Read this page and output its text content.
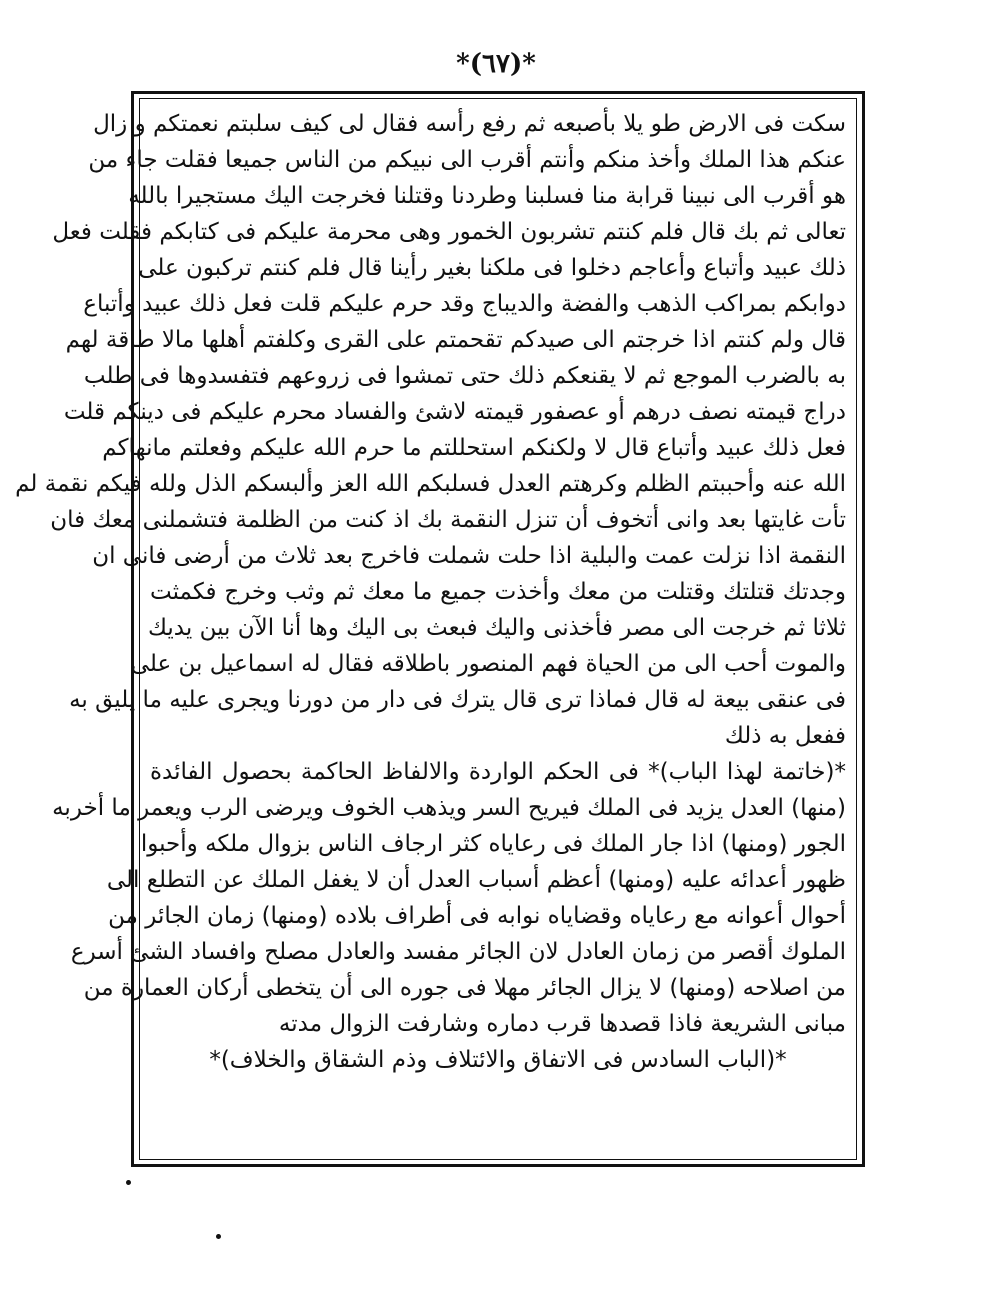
*(٦٧)*
سكت فى الارض طو يلا بأصبعه ثم رفع رأسه فقال لى كيف سلبتم نعمتكم و زال
عنكم هذا الملك وأخذ منكم وأنتم أقرب الى نبيكم من الناس جميعا فقلت جاء من
هو أقرب الى نبينا قرابة منا فسلبنا وطردنا وقتلنا فخرجت اليك مستجيرا بالله
تعالى ثم بك قال فلم كنتم تشربون الخمور وهى محرمة عليكم فى كتابكم فقلت فعل
ذلك عبيد وأتباع وأعاجم دخلوا فى ملكنا بغير رأينا قال فلم كنتم تركبون على
دوابكم بمراكب الذهب والفضة والديباج وقد حرم عليكم قلت فعل ذلك عبيد وأتباع
قال ولم كنتم اذا خرجتم الى صيدكم تقحمتم على القرى وكلفتم أهلها مالا طاقة لهم
به بالضرب الموجع ثم لا يقنعكم ذلك حتى تمشوا فى زروعهم فتفسدوها فى طلب
دراج قيمته نصف درهم أو عصفور قيمته لاشئ والفساد محرم عليكم فى دينكم قلت
فعل ذلك عبيد وأتباع قال لا ولكنكم استحللتم ما حرم الله عليكم وفعلتم مانهاكم
الله عنه وأحببتم الظلم وكرهتم العدل فسلبكم الله العز وألبسكم الذل ولله فيكم نقمة لم
تأت غايتها بعد وانى أتخوف أن تنزل النقمة بك اذ كنت من الظلمة فتشملنى معك فان
النقمة اذا نزلت عمت والبلية اذا حلت شملت فاخرج بعد ثلاث من أرضى فانى ان
وجدتك قتلتك وقتلت من معك وأخذت جميع ما معك ثم وثب وخرج فكمثت
ثلاثا ثم خرجت الى مصر فأخذنى واليك فبعث بى اليك وها أنا الآن بين يديك
والموت أحب الى من الحياة فهم المنصور باطلاقه فقال له اسماعيل بن على
فى عنقى بيعة له قال فماذا ترى قال يترك فى دار من دورنا ويجرى عليه ما يليق به
ففعل به ذلك
*(خاتمة لهذا الباب)* فى الحكم الواردة والالفاظ الحاكمة بحصول الفائدة
(منها) العدل يزيد فى الملك فيريح السر ويذهب الخوف ويرضى الرب ويعمر ما أخربه
الجور (ومنها) اذا جار الملك فى رعاياه كثر ارجاف الناس بزوال ملكه وأحبوا
ظهور أعدائه عليه (ومنها) أعظم أسباب العدل أن لا يغفل الملك عن التطلع الى
أحوال أعوانه مع رعاياه وقضاياه نوابه فى أطراف بلاده (ومنها) زمان الجائر من
الملوك أقصر من زمان العادل لان الجائر مفسد والعادل مصلح وافساد الشئ أسرع
من اصلاحه (ومنها) لا يزال الجائر مهلا فى جوره الى أن يتخطى أركان العمارة من
مبانى الشريعة فاذا قصدها قرب دماره وشارفت الزوال مدته
*(الباب السادس فى الاتفاق والائتلاف وذم الشقاق والخلاف)*
